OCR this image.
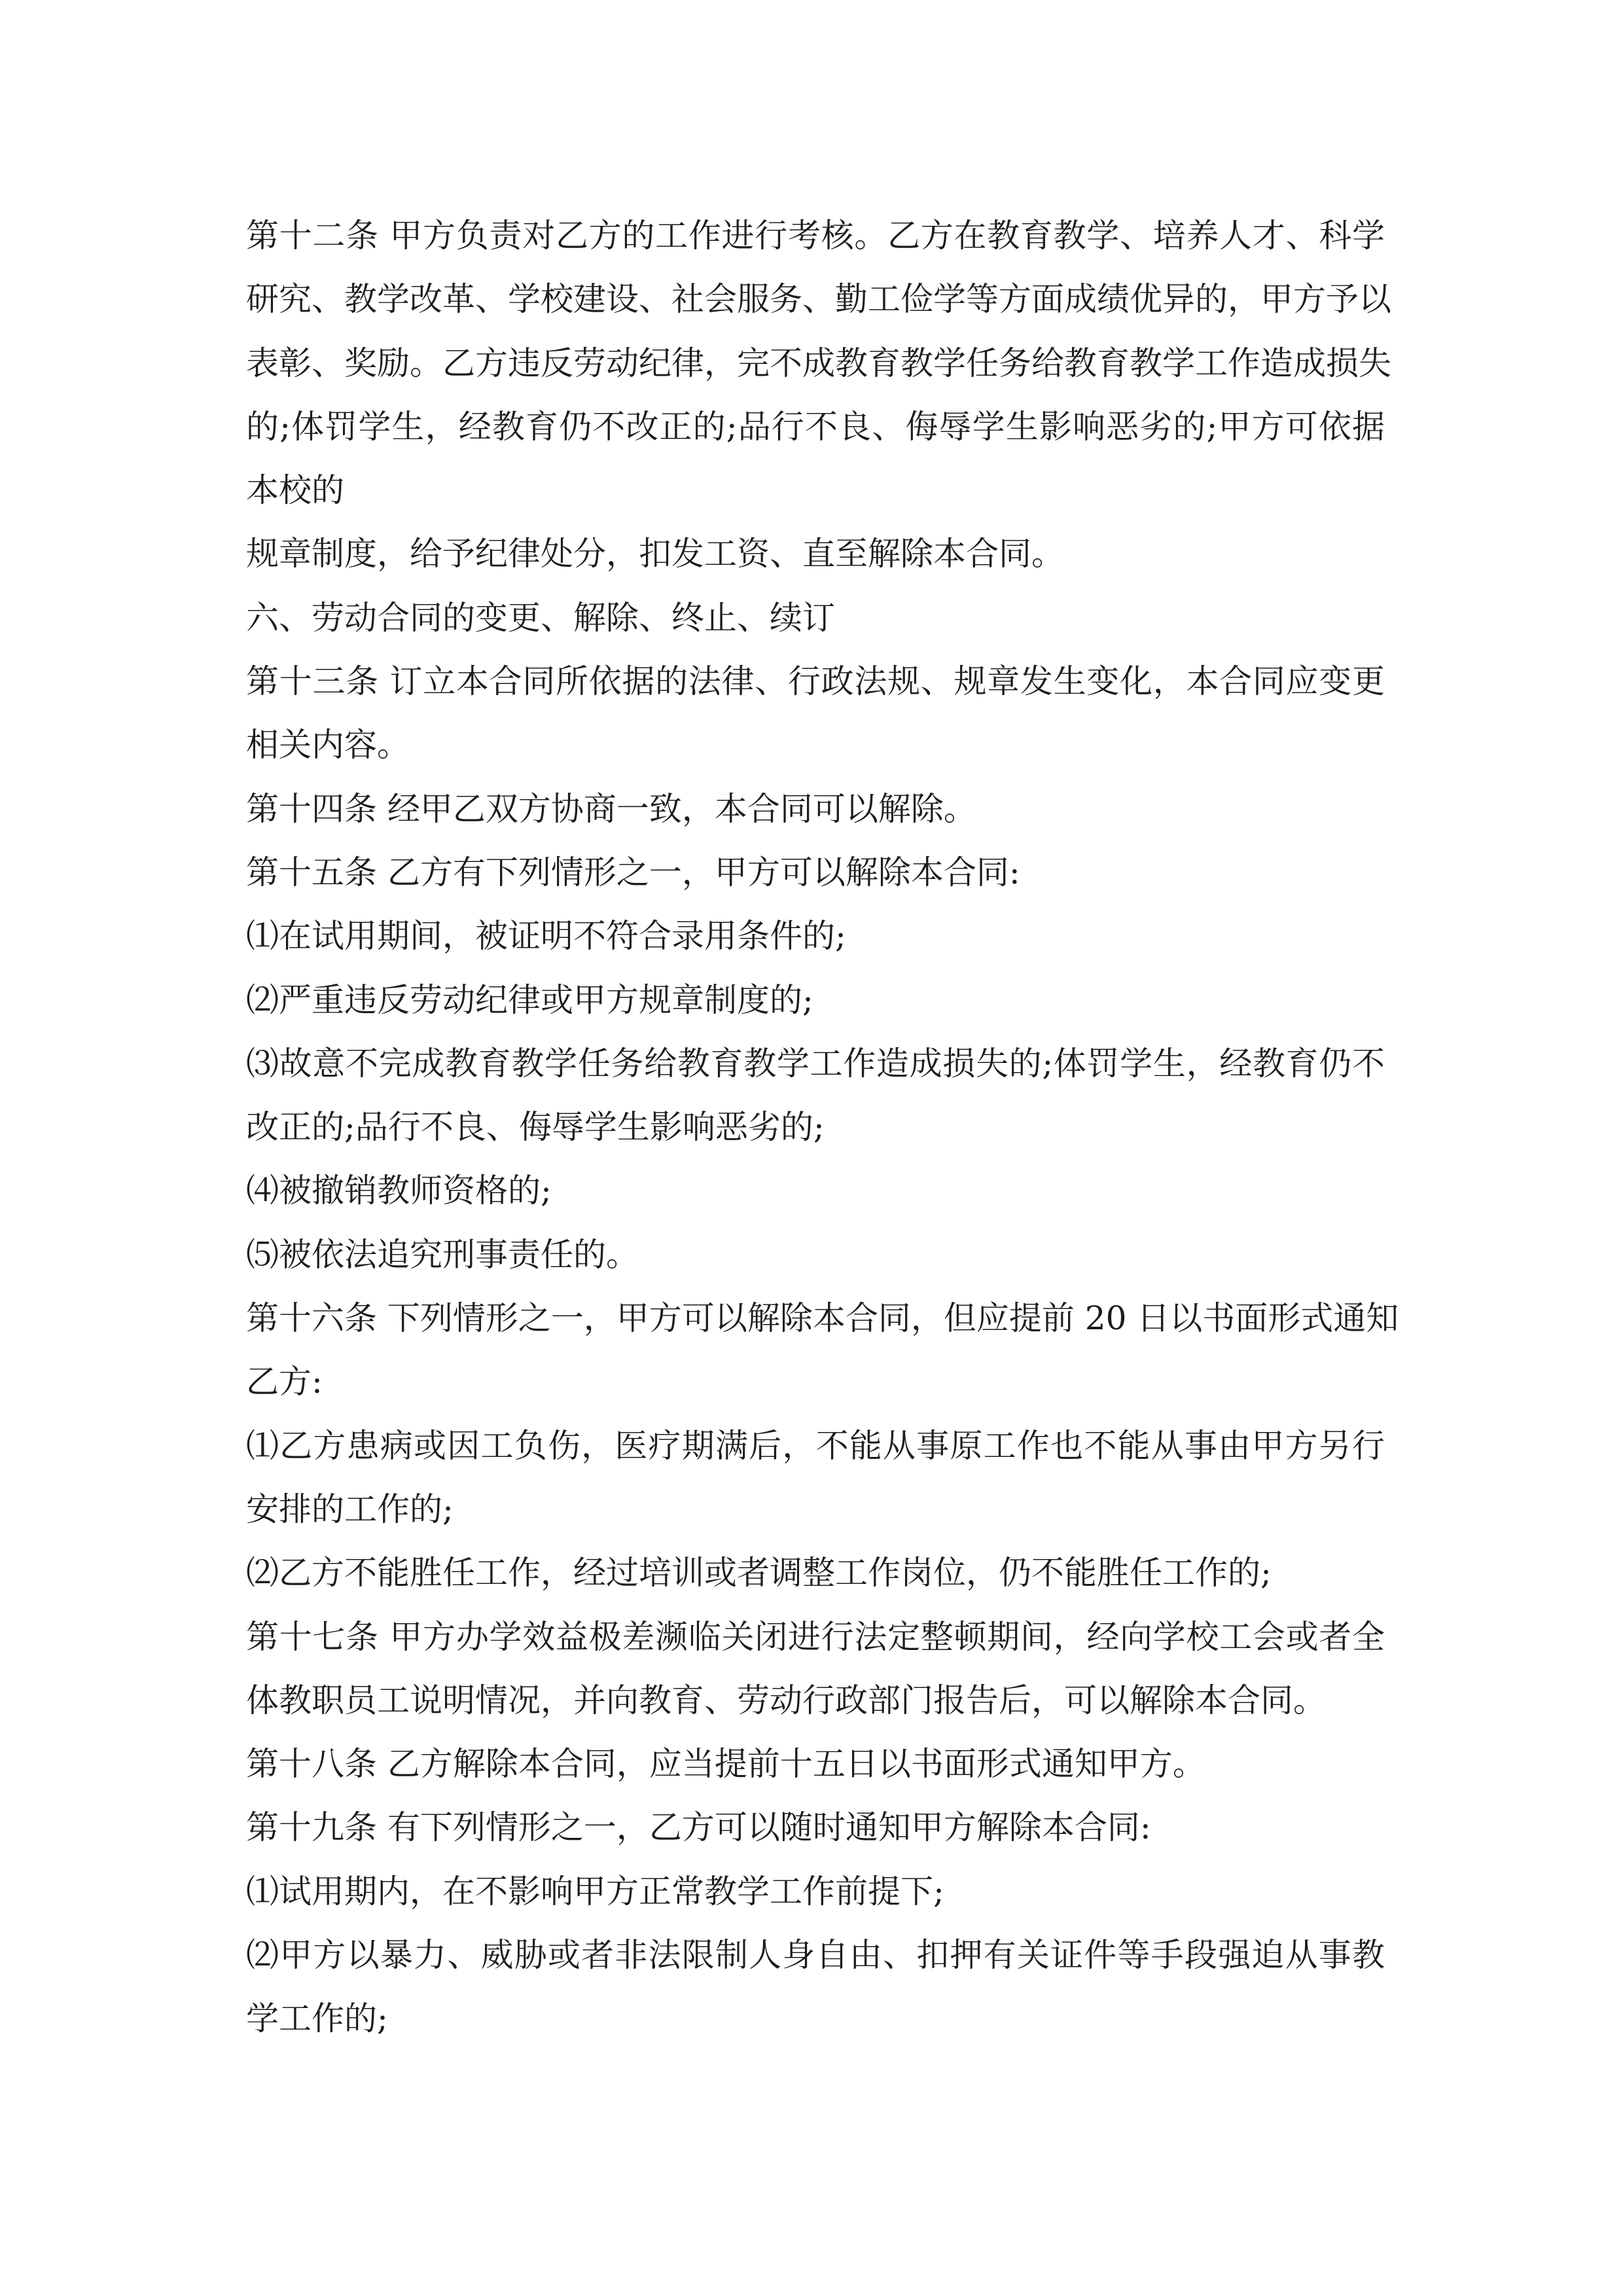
第十二条 甲方负责对乙方的工作进行考核。乙方在教育教学、培养人才、科学
研究、教学改革、学校建设、社会服务、勤工俭学等方面成绩优异的，甲方予以
表彰、奖励。乙方违反劳动纪律，完不成教育教学任务给教育教学工作造成损失
的;体罚学生，经教育仍不改正的;品行不良、侮辱学生影响恶劣的;甲方可依据
本校的
规章制度，给予纪律处分，扣发工资、直至解除本合同。
六、劳动合同的变更、解除、终止、续订
第十三条 订立本合同所依据的法律、行政法规、规章发生变化，本合同应变更
相关内容。
第十四条 经甲乙双方协商一致，本合同可以解除。
第十五条 乙方有下列情形之一，甲方可以解除本合同:
⑴在试用期间，被证明不符合录用条件的;
⑵严重违反劳动纪律或甲方规章制度的;
⑶故意不完成教育教学任务给教育教学工作造成损失的;体罚学生，经教育仍不
改正的;品行不良、侮辱学生影响恶劣的;
⑷被撤销教师资格的;
⑸被依法追究刑事责任的。
第十六条 下列情形之一，甲方可以解除本合同，但应提前 20 日以书面形式通知
乙方:
⑴乙方患病或因工负伤，医疗期满后，不能从事原工作也不能从事由甲方另行
安排的工作的;
⑵乙方不能胜任工作，经过培训或者调整工作岗位，仍不能胜任工作的;
第十七条 甲方办学效益极差濒临关闭进行法定整顿期间，经向学校工会或者全
体教职员工说明情况，并向教育、劳动行政部门报告后，可以解除本合同。
第十八条 乙方解除本合同，应当提前十五日以书面形式通知甲方。
第十九条 有下列情形之一，乙方可以随时通知甲方解除本合同:
⑴试用期内，在不影响甲方正常教学工作前提下;
⑵甲方以暴力、威胁或者非法限制人身自由、扣押有关证件等手段强迫从事教
学工作的;
